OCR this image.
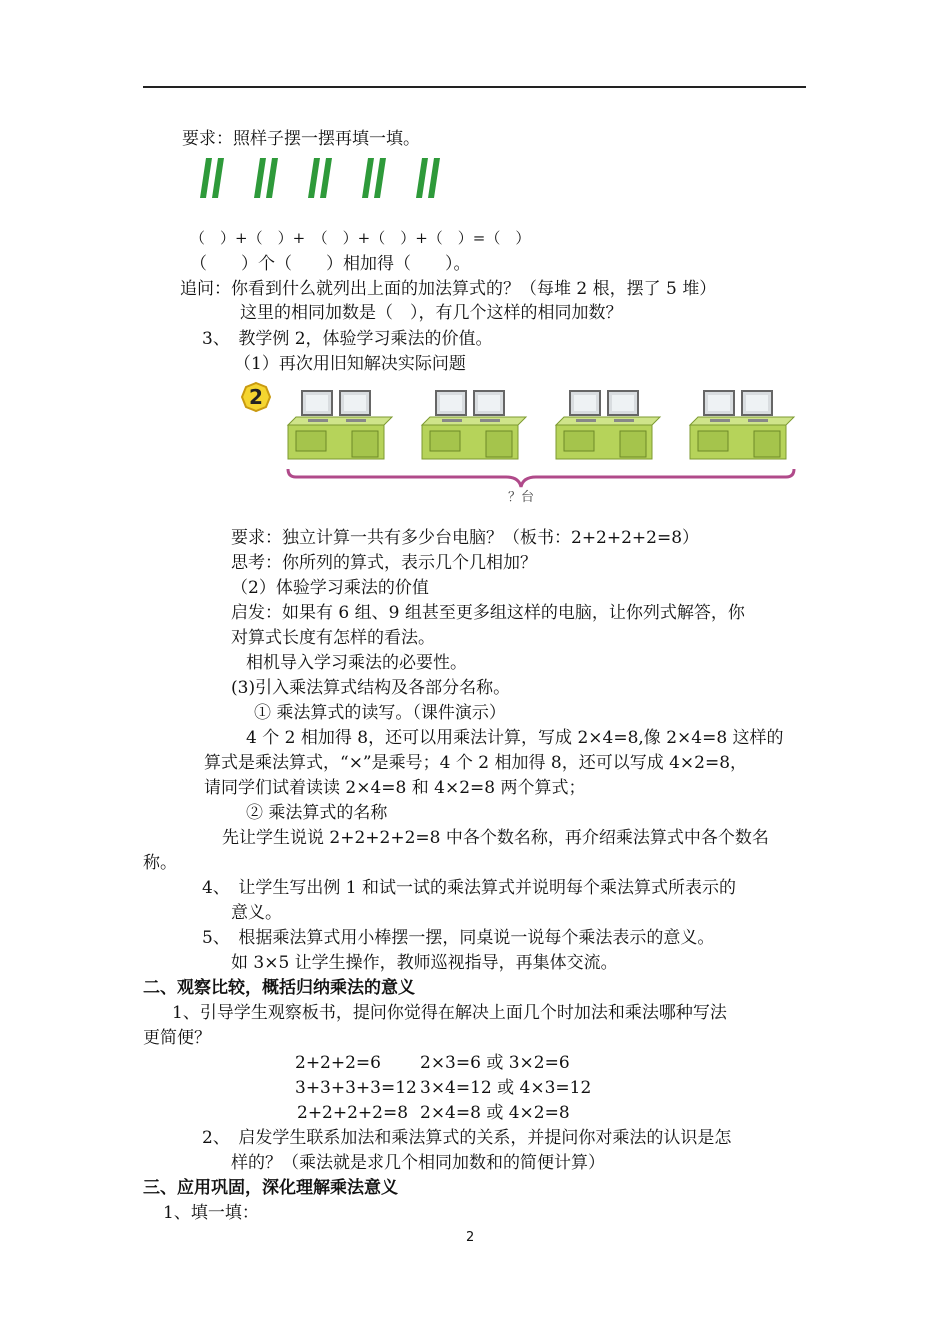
要求：照样子摆一摆再填一填。
（　）+（　）+　（　）+（　）+（　）=（　）
（　　）个（　　）相加得（　　）。
追问：你看到什么就列出上面的加法算式的？（每堆 2 根，摆了 5 堆）
这里的相同加数是（　），有几个这样的相同加数？
3、　教学例 2，体验学习乘法的价值。
（1）再次用旧知解决实际问题
2
？台
要求：独立计算一共有多少台电脑？（板书：2+2+2+2=8）
思考：你所列的算式，表示几个几相加？
（2）体验学习乘法的价值
启发：如果有 6 组、9 组甚至更多组这样的电脑，让你列式解答，你
对算式长度有怎样的看法。
相机导入学习乘法的必要性。
(3)引入乘法算式结构及各部分名称。
① 乘法算式的读写。（课件演示）
4 个 2 相加得 8，还可以用乘法计算，写成 2×4=8,像 2×4=8 这样的
算式是乘法算式，“×”是乘号；4 个 2 相加得 8，还可以写成 4×2=8，
请同学们试着读读 2×4=8 和 4×2=8 两个算式；
② 乘法算式的名称
先让学生说说 2+2+2+2=8 中各个数名称，再介绍乘法算式中各个数名
称。
4、　让学生写出例 1 和试一试的乘法算式并说明每个乘法算式所表示的
意义。
5、　根据乘法算式用小棒摆一摆，同桌说一说每个乘法表示的意义。
如 3×5 让学生操作，教师巡视指导，再集体交流。
二、观察比较，概括归纳乘法的意义
1、引导学生观察板书，提问你觉得在解决上面几个时加法和乘法哪种写法
更简便？
2+2+2=6 2×3=6 或 3×2=6
3+3+3+3=12 3×4=12 或 4×3=12
2+2+2+2=8 2×4=8 或 4×2=8
2、　启发学生联系加法和乘法算式的关系，并提问你对乘法的认识是怎
样的？（乘法就是求几个相同加数和的简便计算）
三、应用巩固，深化理解乘法意义
1、填一填：
2
